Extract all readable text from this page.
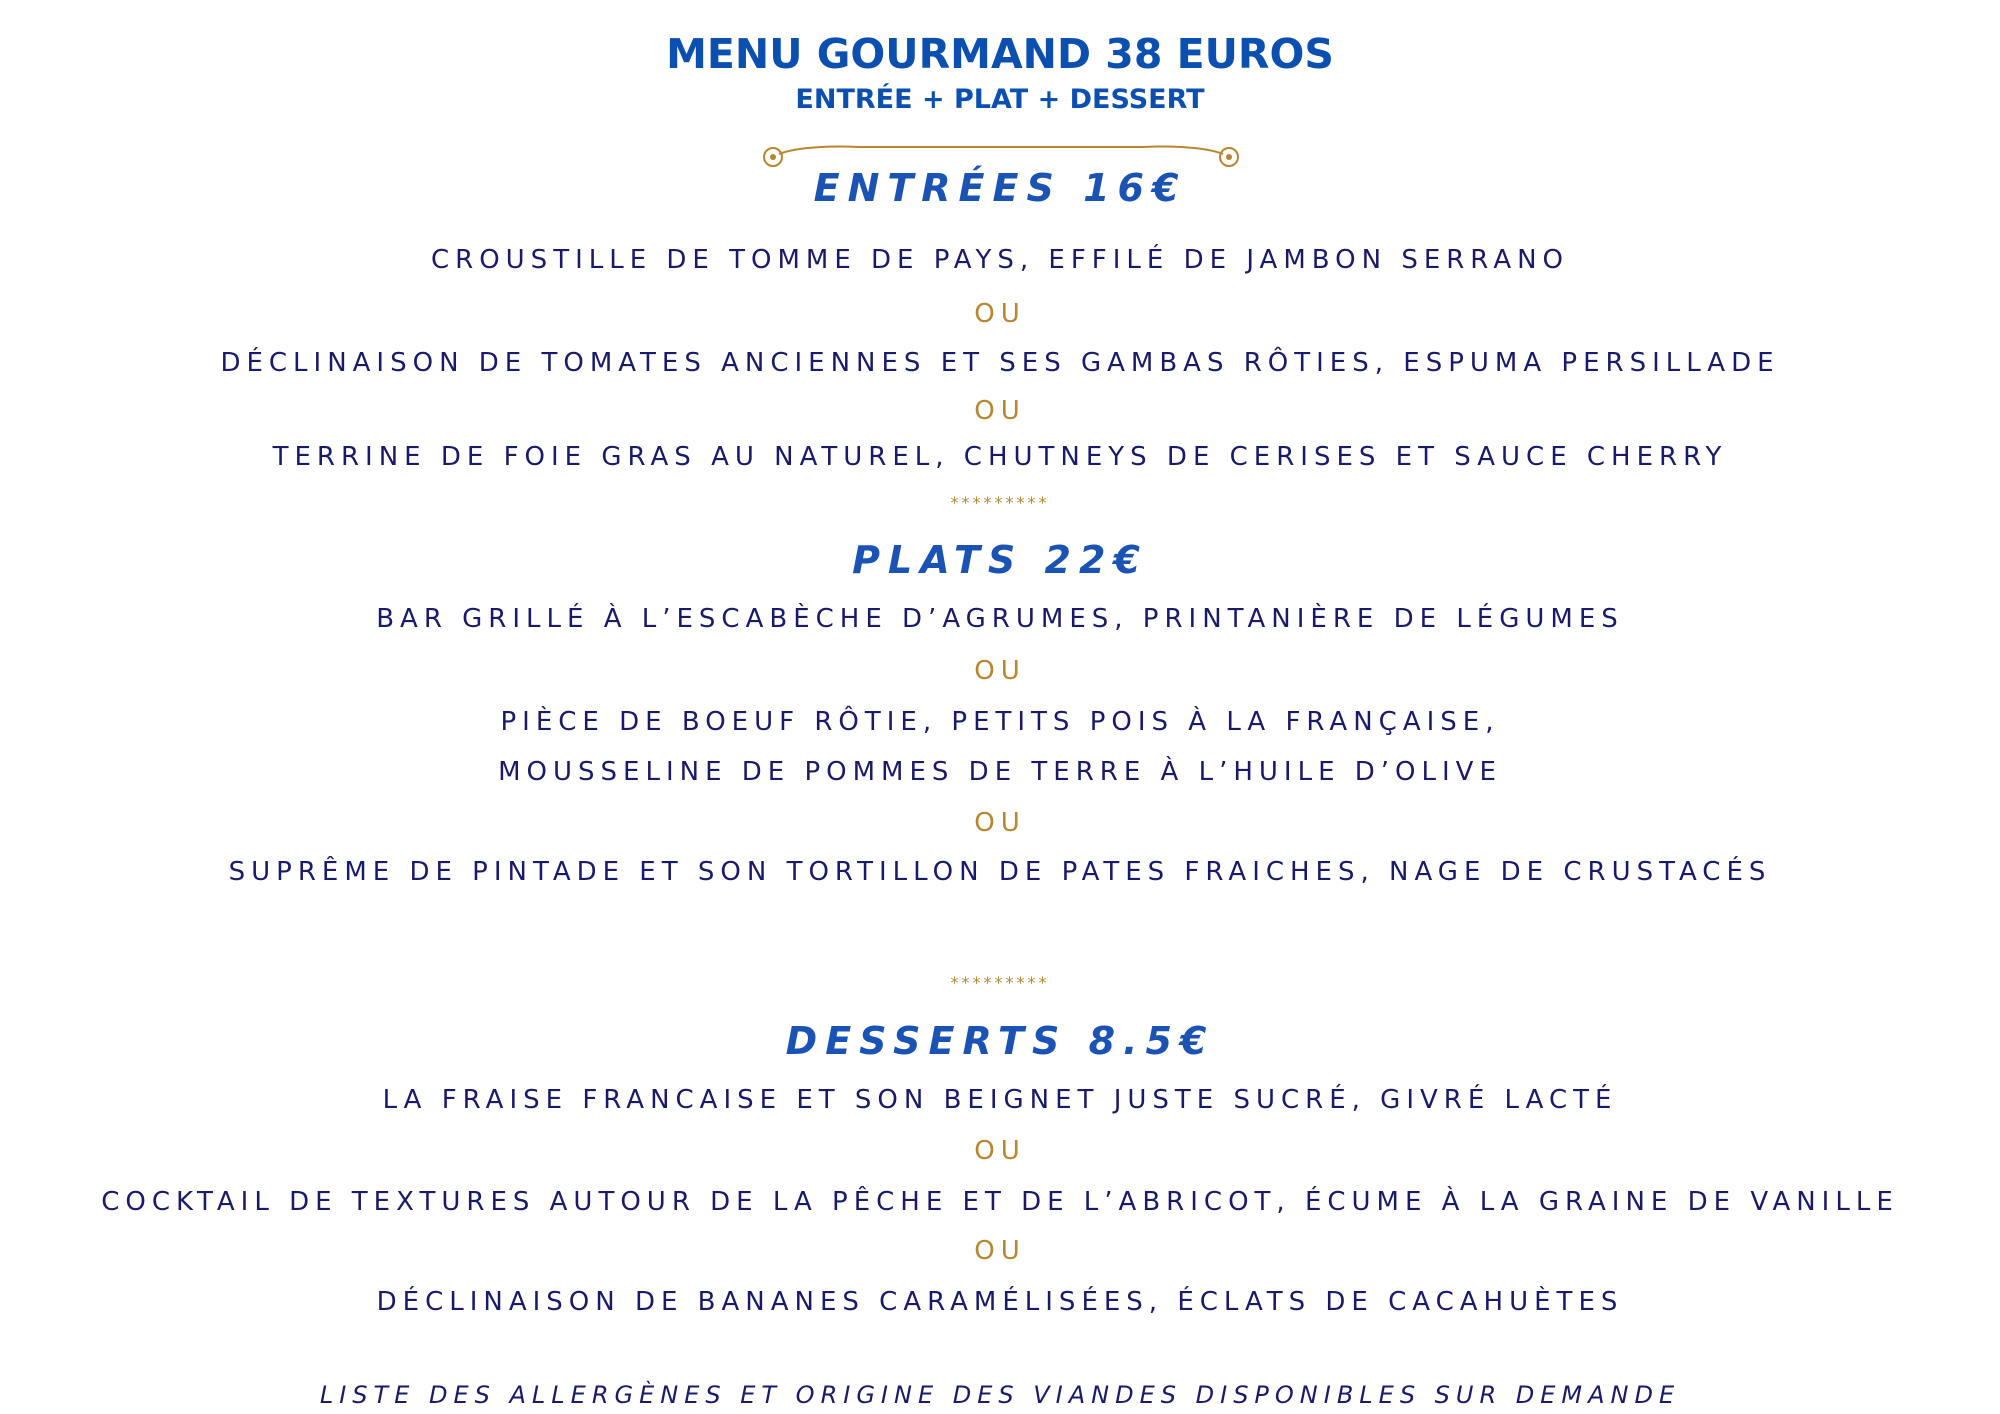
MENU GOURMAND 38 EUROS
ENTRÉE + PLAT + DESSERT
ENTRÉES 16€
CROUSTILLE DE TOMME DE PAYS, EFFILÉ DE JAMBON SERRANO
OU
DÉCLINAISON DE TOMATES ANCIENNES ET SES GAMBAS RÔTIES, ESPUMA PERSILLADE
OU
TERRINE DE FOIE GRAS AU NATUREL, CHUTNEYS DE CERISES ET SAUCE CHERRY
*********
PLATS 22€
BAR GRILLÉ À L’ESCABÈCHE D’AGRUMES, PRINTANIÈRE DE LÉGUMES
OU
PIÈCE DE BOEUF RÔTIE, PETITS POIS À LA FRANÇAISE,
MOUSSELINE DE POMMES DE TERRE À L’HUILE D’OLIVE
OU
SUPRÊME DE PINTADE ET SON TORTILLON DE PATES FRAICHES, NAGE DE CRUSTACÉS
*********
DESSERTS 8.5€
LA FRAISE FRANCAISE ET SON BEIGNET JUSTE SUCRÉ, GIVRÉ LACTÉ
OU
COCKTAIL DE TEXTURES AUTOUR DE LA PÊCHE ET DE L’ABRICOT, ÉCUME À LA GRAINE DE VANILLE
OU
DÉCLINAISON DE BANANES CARAMÉLISÉES, ÉCLATS DE CACAHUÈTES
LISTE DES ALLERGÈNES ET ORIGINE DES VIANDES DISPONIBLES SUR DEMANDE
